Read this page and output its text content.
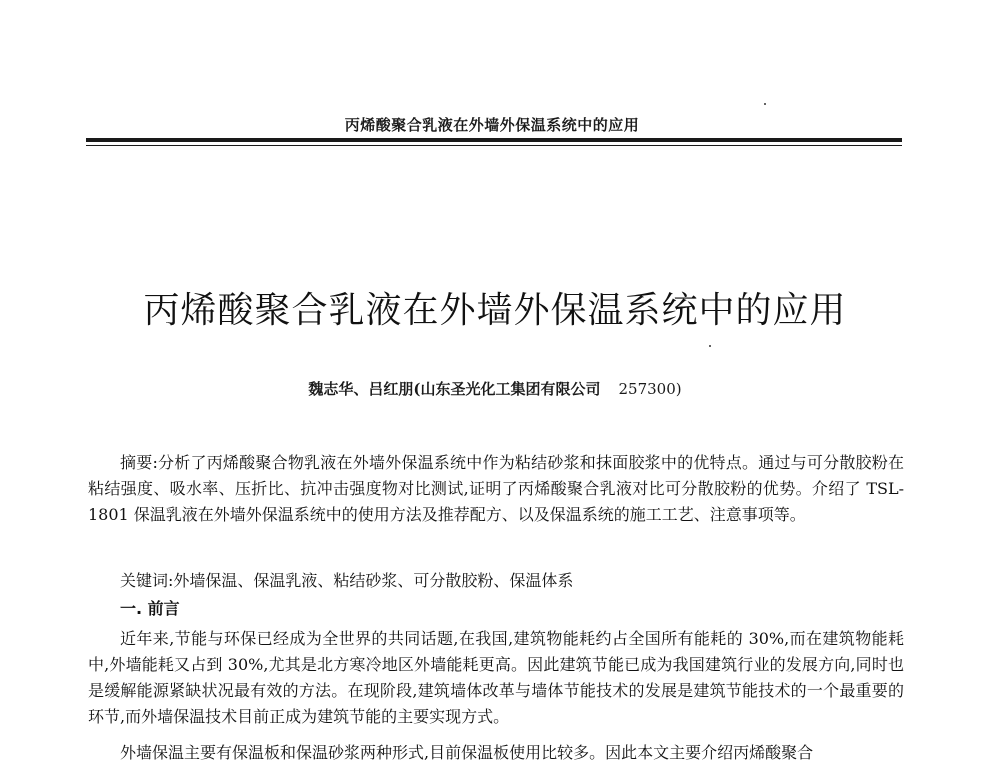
丙烯酸聚合乳液在外墙外保温系统中的应用
丙烯酸聚合乳液在外墙外保温系统中的应用
魏志华、吕红朋(山东圣光化工集团有限公司 257300)

摘要:分析了丙烯酸聚合物乳液在外墙外保温系统中作为粘结砂浆和抹面胶浆中的优特点。通过与可分散胶粉在粘结强度、吸水率、压折比、抗冲击强度物对比测试,证明了丙烯酸聚合乳液对比可分散胶粉的优势。介绍了 TSL-1801 保温乳液在外墙外保温系统中的使用方法及推荐配方、以及保温系统的施工工艺、注意事项等。

关键词:外墙保温、保温乳液、粘结砂浆、可分散胶粉、保温体系

一. 前言

近年来,节能与环保已经成为全世界的共同话题,在我国,建筑物能耗约占全国所有能耗的 30%,而在建筑物能耗中,外墙能耗又占到 30%,尤其是北方寒冷地区外墙能耗更高。因此建筑节能已成为我国建筑行业的发展方向,同时也是缓解能源紧缺状况最有效的方法。在现阶段,建筑墙体改革与墙体节能技术的发展是建筑节能技术的一个最重要的环节,而外墙保温技术目前正成为建筑节能的主要实现方式。

外墙保温主要有保温板和保温砂浆两种形式,目前保温板使用比较多。因此本文主要介绍丙烯酸聚合
